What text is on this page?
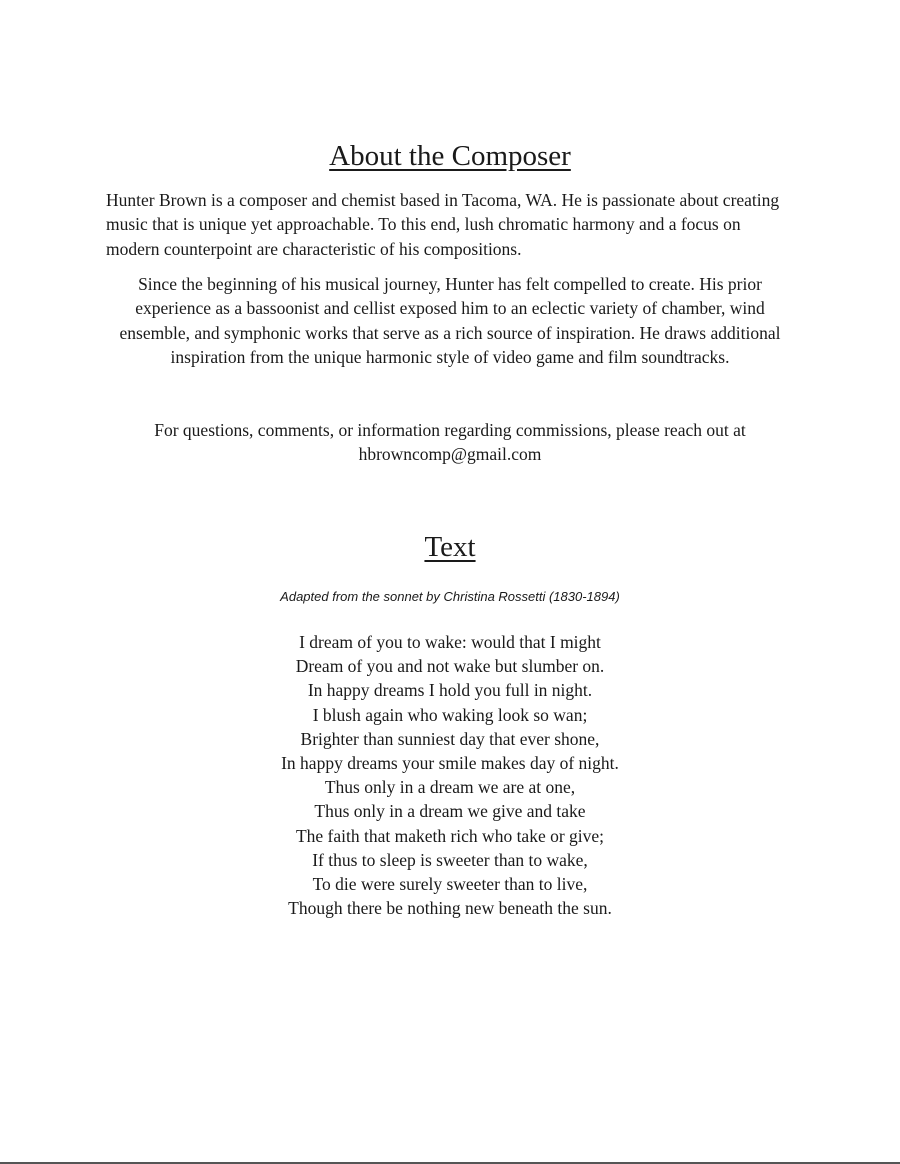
About the Composer

Hunter Brown is a composer and chemist based in Tacoma, WA. He is passionate about creating music that is unique yet approachable. To this end, lush chromatic harmony and a focus on modern counterpoint are characteristic of his compositions.

Since the beginning of his musical journey, Hunter has felt compelled to create. His prior experience as a bassoonist and cellist exposed him to an eclectic variety of chamber, wind ensemble, and symphonic works that serve as a rich source of inspiration. He draws additional inspiration from the unique harmonic style of video game and film soundtracks.

For questions, comments, or information regarding commissions, please reach out at hbrowncomp@gmail.com

Text

Adapted from the sonnet by Christina Rossetti (1830-1894)

I dream of you to wake: would that I might
Dream of you and not wake but slumber on.
In happy dreams I hold you full in night.
I blush again who waking look so wan;
Brighter than sunniest day that ever shone,
In happy dreams your smile makes day of night.
Thus only in a dream we are at one,
Thus only in a dream we give and take
The faith that maketh rich who take or give;
If thus to sleep is sweeter than to wake,
To die were surely sweeter than to live,
Though there be nothing new beneath the sun.
